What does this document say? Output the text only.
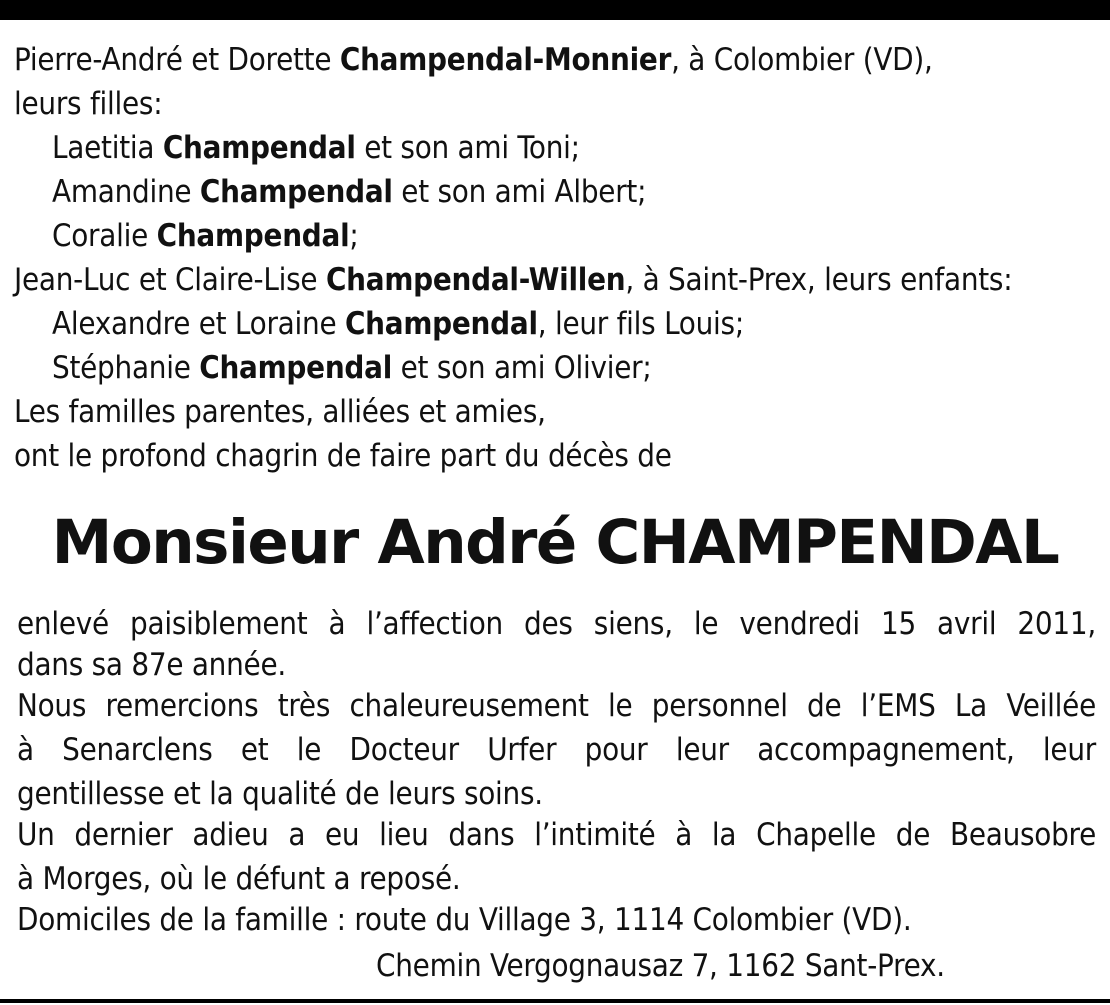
Pierre-André et Dorette Champendal-Monnier, à Colombier (VD),
leurs filles:
Laetitia Champendal et son ami Toni;
Amandine Champendal et son ami Albert;
Coralie Champendal;
Jean-Luc et Claire-Lise Champendal-Willen, à Saint-Prex, leurs enfants:
Alexandre et Loraine Champendal, leur fils Louis;
Stéphanie Champendal et son ami Olivier;
Les familles parentes, alliées et amies,
ont le profond chagrin de faire part du décès de
Monsieur André CHAMPENDAL
enlevé paisiblement à l’affection des siens, le vendredi 15 avril 2011,
dans sa 87e année.
Nous remercions très chaleureusement le personnel de l’EMS La Veillée
à Senarclens et le Docteur Urfer pour leur accompagnement, leur
gentillesse et la qualité de leurs soins.
Un dernier adieu a eu lieu dans l’intimité à la Chapelle de Beausobre
à Morges, où le défunt a reposé.
Domiciles de la famille : route du Village 3, 1114 Colombier (VD).
Chemin Vergognausaz 7, 1162 Sant-Prex.
